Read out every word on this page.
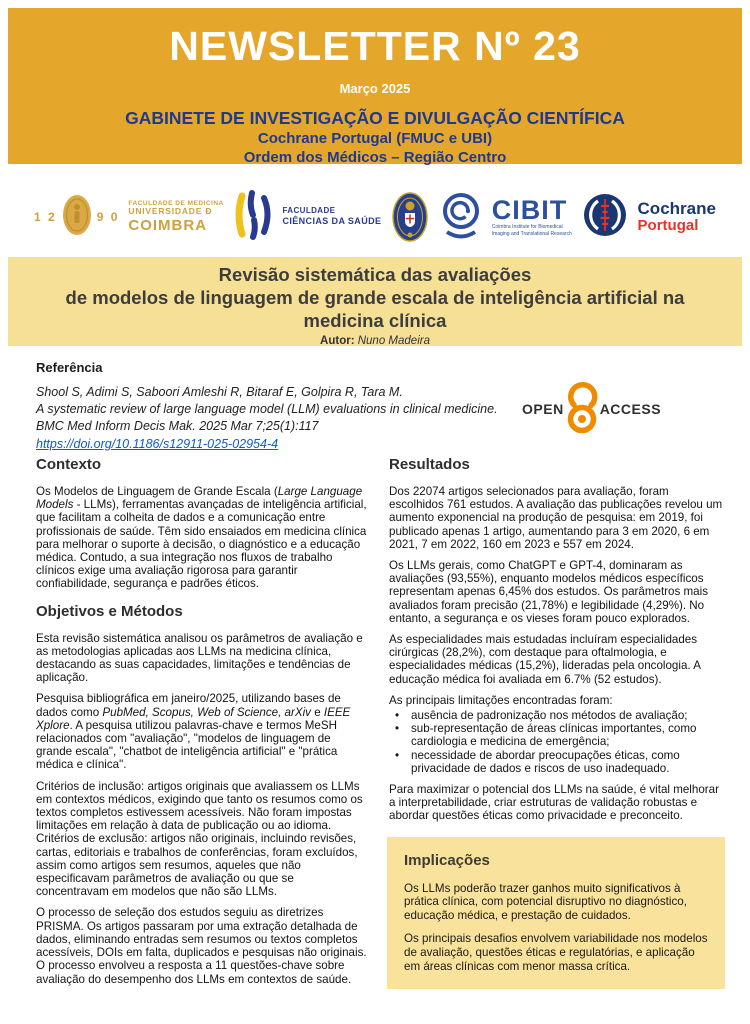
NEWSLETTER Nº 23
Março 2025
GABINETE DE INVESTIGAÇÃO E DIVULGAÇÃO CIENTÍFICA
Cochrane Portugal (FMUC e UBI)
Ordem dos Médicos – Região Centro
1 2	9 0
FACULDADE DE MEDICINA
UNIVERSIDADE Ð
COIMBRA
FACULDADE
CIÊNCIAS DA SAÚDE	CIBIT
Coimbra Institute for Biomedical
Imaging and Translational Research
Cochrane
Portugal
Revisão sistemática das avaliações
de modelos de linguagem de grande escala de inteligência artificial na
medicina clínica
Autor: Nuno Madeira
Referência
Shool S, Adimi S, Saboori Amleshi R, Bitaraf E, Golpira R, Tara M.
A systematic review of large language model (LLM) evaluations in clinical medicine.
BMC Med Inform Decis Mak. 2025 Mar 7;25(1):117
https://doi.org/10.1186/s12911-025-02954-4
OPEN	ACCESS
Contexto

Os Modelos de Linguagem de Grande Escala (Large Language Models - LLMs), ferramentas avançadas de inteligência artificial, que facilitam a colheita de dados e a comunicação entre profissionais de saúde. Têm sido ensaiados em medicina clínica para melhorar o suporte à decisão, o diagnóstico e a educação médica. Contudo, a sua integração nos fluxos de trabalho clínicos exige uma avaliação rigorosa para garantir confiabilidade, segurança e padrões éticos.

Objetivos e Métodos

Esta revisão sistemática analisou os parâmetros de avaliação e as metodologias aplicadas aos LLMs na medicina clínica, destacando as suas capacidades, limitações e tendências de aplicação.

Pesquisa bibliográfica em janeiro/2025, utilizando bases de dados como PubMed, Scopus, Web of Science, arXiv e IEEE Xplore. A pesquisa utilizou palavras-chave e termos MeSH relacionados com "avaliação", "modelos de linguagem de grande escala", "chatbot de inteligência artificial" e "prática médica e clínica".

Critérios de inclusão: artigos originais que avaliassem os LLMs em contextos médicos, exigindo que tanto os resumos como os textos completos estivessem acessíveis. Não foram impostas limitações em relação à data de publicação ou ao idioma. Critérios de exclusão: artigos não originais, incluindo revisões, cartas, editoriais e trabalhos de conferências, foram excluídos, assim como artigos sem resumos, aqueles que não especificavam parâmetros de avaliação ou que se concentravam em modelos que não são LLMs.

O processo de seleção dos estudos seguiu as diretrizes PRISMA. Os artigos passaram por uma extração detalhada de dados, eliminando entradas sem resumos ou textos completos acessíveis, DOIs em falta, duplicados e pesquisas não originais. O processo envolveu a resposta a 11 questões-chave sobre avaliação do desempenho dos LLMs em contextos de saúde.

Resultados

Dos 22074 artigos selecionados para avaliação, foram escolhidos 761 estudos. A avaliação das publicações revelou um aumento exponencial na produção de pesquisa: em 2019, foi publicado apenas 1 artigo, aumentando para 3 em 2020, 6 em 2021, 7 em 2022, 160 em 2023 e 557 em 2024.

Os LLMs gerais, como ChatGPT e GPT-4, dominaram as avaliações (93,55%), enquanto modelos médicos específicos representam apenas 6,45% dos estudos. Os parâmetros mais avaliados foram precisão (21,78%) e legibilidade (4,29%). No entanto, a segurança e os vieses foram pouco explorados.

As especialidades mais estudadas incluíram especialidades cirúrgicas (28,2%), com destaque para oftalmologia, e especialidades médicas (15,2%), lideradas pela oncologia. A educação médica foi avaliada em 6.7% (52 estudos).

As principais limitações encontradas foram:

• ausência de padronização nos métodos de avaliação;
• sub-representação de áreas clínicas importantes, como cardiologia e medicina de emergência;
• necessidade de abordar preocupações éticas, como privacidade de dados e riscos de uso inadequado.

Para maximizar o potencial dos LLMs na saúde, é vital melhorar a interpretabilidade, criar estruturas de validação robustas e abordar questões éticas como privacidade e preconceito.

Implicações

Os LLMs poderão trazer ganhos muito significativos à prática clínica, com potencial disruptivo no diagnóstico, educação médica, e prestação de cuidados.

Os principais desafios envolvem variabilidade nos modelos de avaliação, questões éticas e regulatórias, e aplicação em áreas clínicas com menor massa crítica.
